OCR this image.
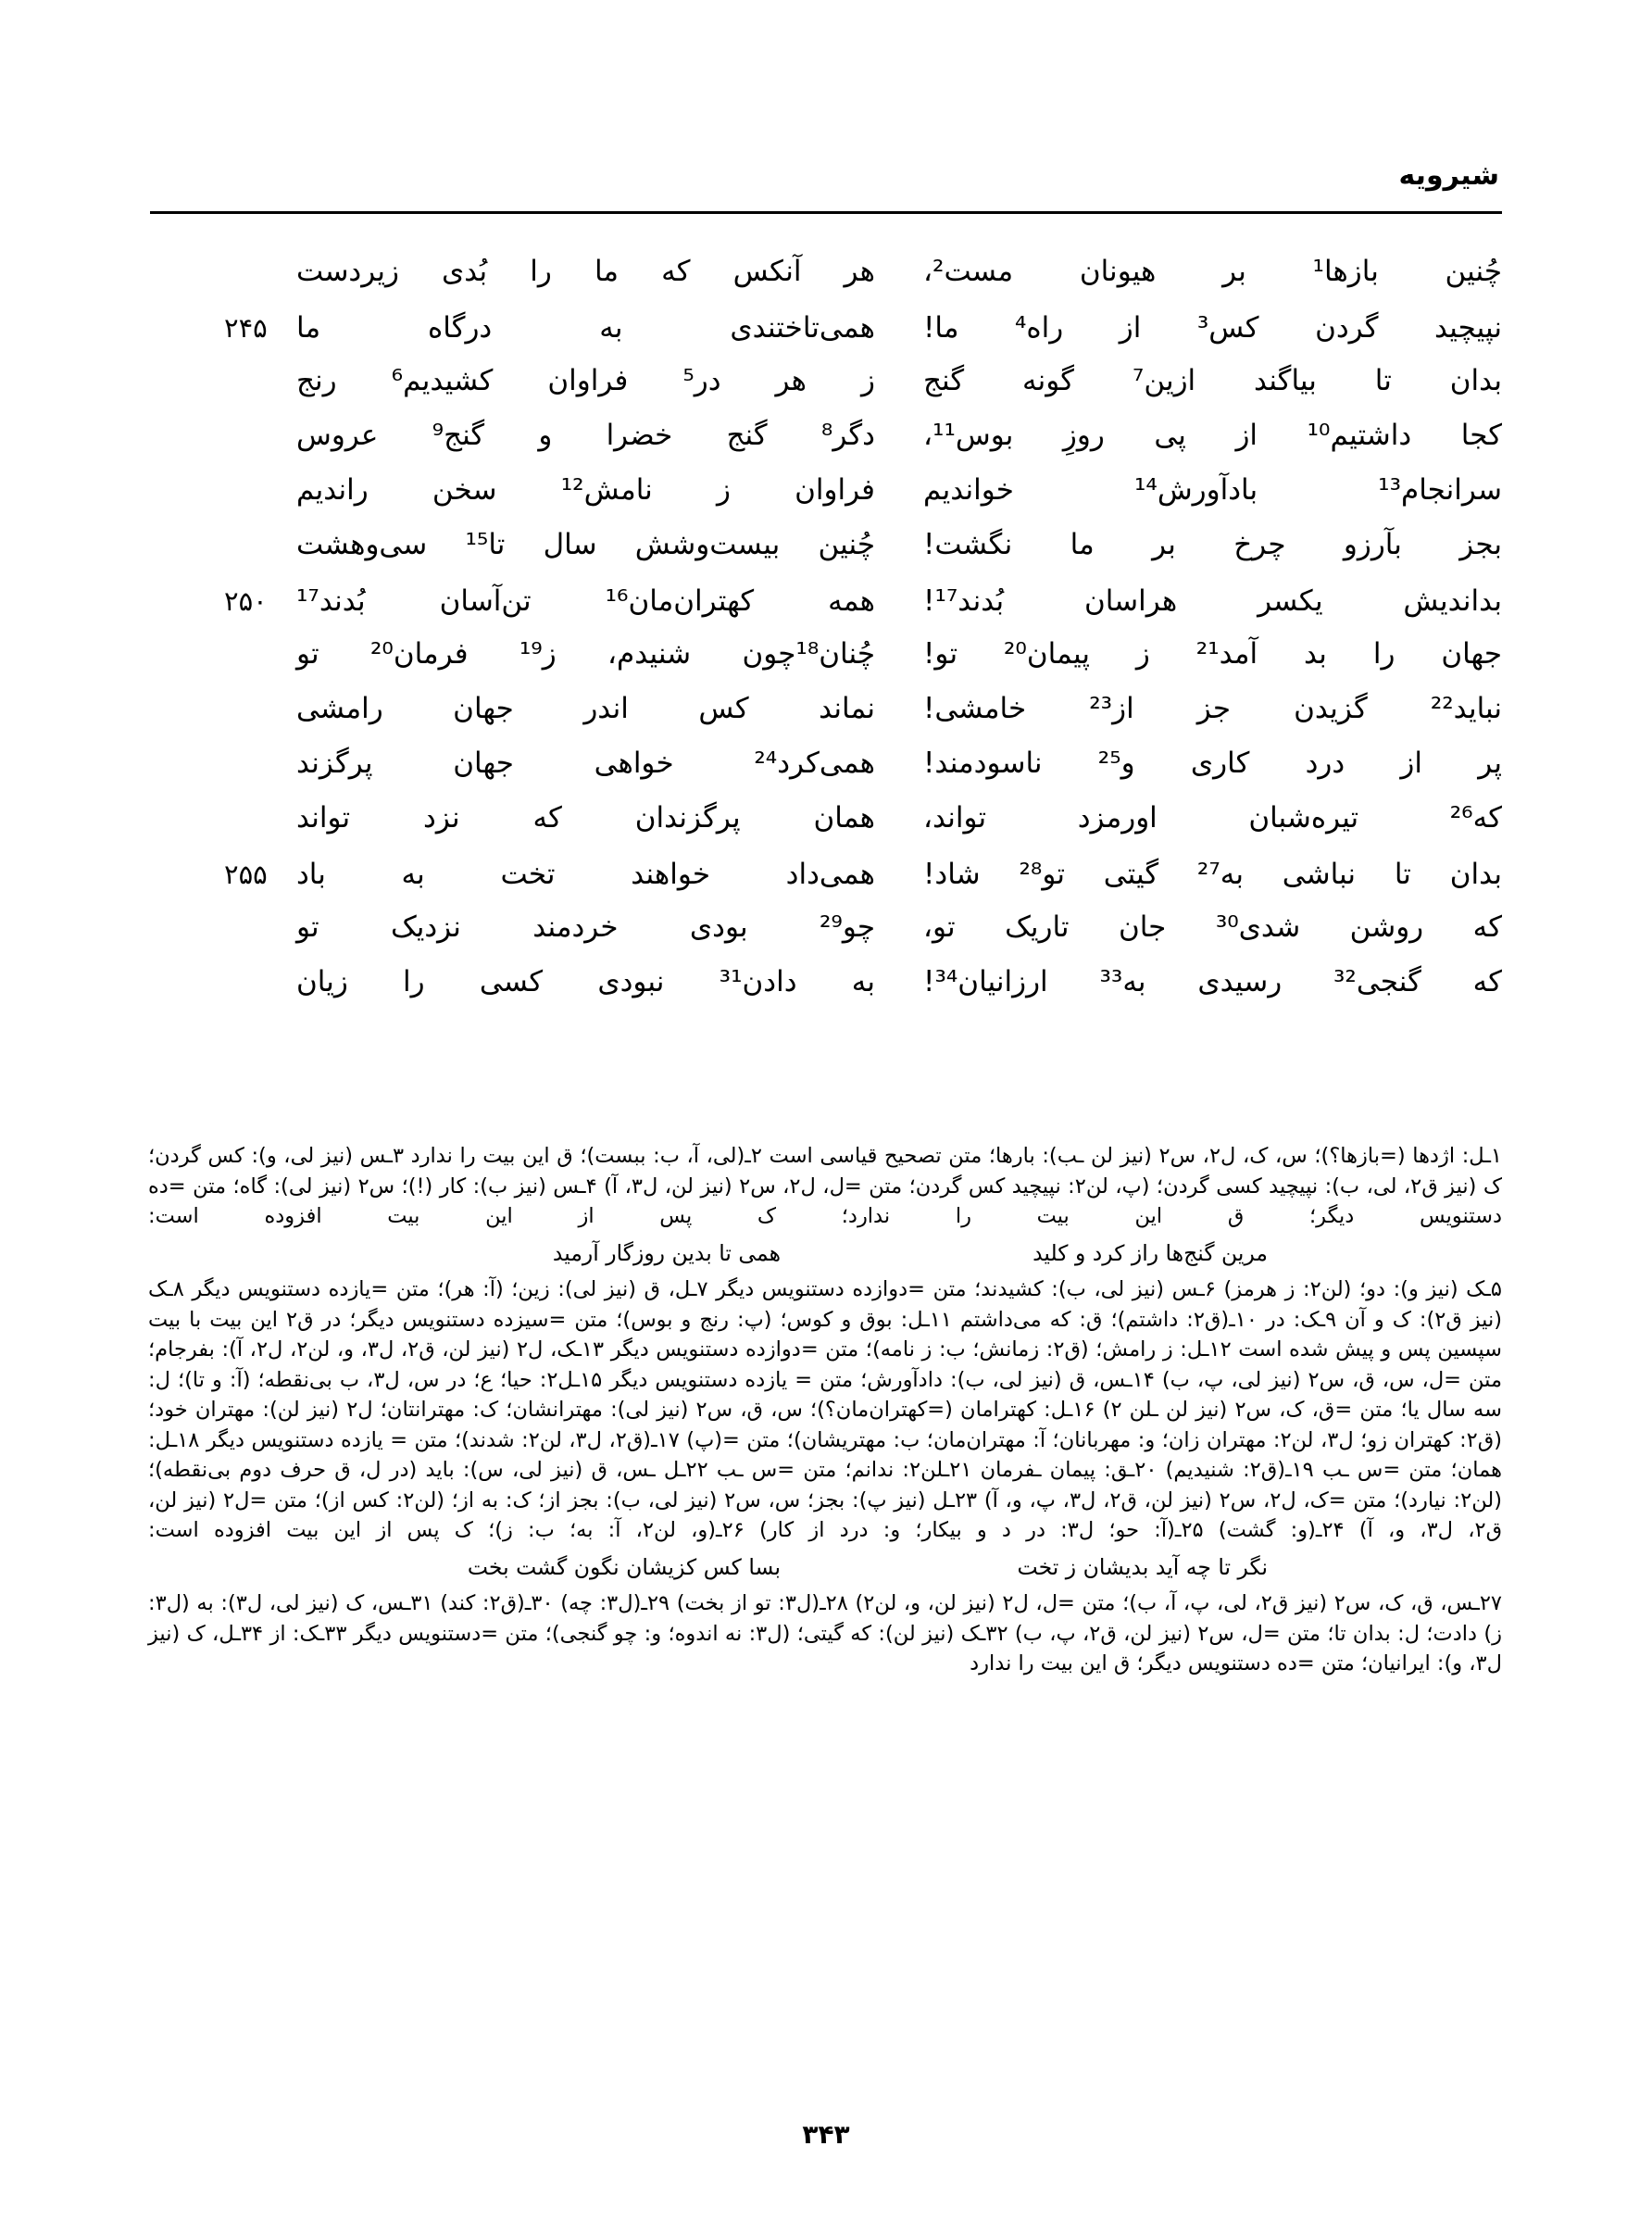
شیرویه
چُنین بازها¹ بر هیونان مست²،
هر آنکس که ما را بُدی زیردست
نپیچید گردن کس³ از راه⁴ ما!
همی‌تاختندی به درگاه ما
۲۴۵
بدان تا بیاگند ازین⁷ گونه گنج
ز هر در⁵ فراوان کشیدیم⁶ رنج
کجا داشتیم¹⁰ از پی روزِ بوس¹¹،
دگر⁸ گنج خضرا و گنج⁹ عروس
سرانجام¹³ بادآورش¹⁴ خواندیم
فراوان ز نامش¹² سخن راندیم
بجز بآرزو چرخ بر ما نگشت!
چُنین بیست‌وشش سال تا¹⁵ سی‌وهشت
بداندیش یکسر هراسان بُدند¹⁷!
همه کهتران‌مان¹⁶ تن‌آسان بُدند¹⁷
۲۵۰
جهان را بد آمد²¹ ز پیمان²⁰ تو!
چُنان¹⁸چون شنیدم، ز¹⁹ فرمان²⁰ تو
نباید²² گزیدن جز از²³ خامشی!
نماند کس اندر جهان رامشی
پر از درد کاری و²⁵ ناسودمند!
همی‌کرد²⁴ خواهی جهان پرگزند
که²⁶ تیره‌شبان اورمزد تواند،
همان پرگزندان که نزد تواند
بدان تا نباشی به²⁷ گیتی تو²⁸ شاد!
همی‌داد خواهند تخت به باد
۲۵۵
که روشن شدی³⁰ جان تاریک تو،
چو²⁹ بودی خردمند نزدیک تو
که گنجی³² رسیدی به³³ ارزانیان³⁴!
به دادن³¹ نبودی کسی را زیان

۱ـل: اژدها (=بازها؟)؛ س، ک، ل۲، س۲ (نیز لن ـب): بارها؛ متن تصحیح قیاسی است ۲ـ(لی، آ، ب: ببست)؛ ق این بیت را ندارد ۳ـس (نیز لی، و): کس گردن؛ ک (نیز ق۲، لی، ب): نپیچید کسی گردن؛ (پ، لن۲: نپیچید کس گردن؛ متن =ل، ل۲، س۲ (نیز لن، ل۳، آ) ۴ـس (نیز ب): کار (!)؛ س۲ (نیز لی): گاه؛ متن =ده دستنویس دیگر؛ ق این بیت را ندارد؛ ک پس از این بیت افزوده است:

مرین گنج‌ها راز کرد و کلید
همی تا بدین روزگار آرمید

۵ـک (نیز و): دو؛ (لن۲: ز هرمز) ۶ـس (نیز لی، ب): کشیدند؛ متن =دوازده دستنویس دیگر ۷ـل، ق (نیز لی): زین؛ (آ: هر)؛ متن =یازده دستنویس دیگر ۸ـک (نیز ق۲): ک و آن ۹ـک: در ۱۰ـ(ق۲: داشتم)؛ ق: که می‌داشتم ۱۱ـل: بوق و کوس؛ (پ: رنج و بوس)؛ متن =سیزده دستنویس دیگر؛ در ق۲ این بیت با بیت سپسین پس و پیش شده است ۱۲ـل: ز رامش؛ (ق۲: زمانش؛ ب: ز نامه)؛ متن =دوازده دستنویس دیگر ۱۳ـک، ل۲ (نیز لن، ق۲، ل۳، و، لن۲، ل۲، آ): بفرجام؛ متن =ل، س، ق، س۲ (نیز لی، پ، ب) ۱۴ـس، ق (نیز لی، ب): دادآورش؛ متن = یازده دستنویس دیگر ۱۵ـل۲: حیا؛ ع؛ در س، ل۳، ب بی‌نقطه؛ (آ: و تا)؛ ل: سه سال یا؛ متن =ق، ک، س۲ (نیز لن ـلن ۲) ۱۶ـل: کهترامان (=کهتران‌مان؟)؛ س، ق، س۲ (نیز لی): مهترانشان؛ ک: مهترانتان؛ ل۲ (نیز لن): مهتران خود؛ (ق۲: کهتران زو؛ ل۳، لن۲: مهتران زان؛ و: مهربانان؛ آ: مهتران‌مان؛ ب: مهتریشان)؛ متن =(پ) ۱۷ـ(ق۲، ل۳، لن۲: شدند)؛ متن = یازده دستنویس دیگر ۱۸ـل: همان؛ متن =س ـب ۱۹ـ(ق۲: شنیدیم) ۲۰ـق: پیمان ـفرمان ۲۱ـلن۲: ندانم؛ متن =س ـب ۲۲ـل ـس، ق (نیز لی، س): باید (در ل، ق حرف دوم بی‌نقطه)؛ (لن۲: نیارد)؛ متن =ک، ل۲، س۲ (نیز لن، ق۲، ل۳، پ، و، آ) ۲۳ـل (نیز پ): بجز؛ س، س۲ (نیز لی، ب): بجز از؛ ک: به از؛ (لن۲: کس از)؛ متن =ل۲ (نیز لن، ق۲، ل۳، و، آ) ۲۴ـ(و: گشت) ۲۵ـ(آ: حو؛ ل۳: در د و بیکار؛ و: درد از کار) ۲۶ـ(و، لن۲، آ: به؛ ب: ز)؛ ک پس از این بیت افزوده است:

نگر تا چه آید بدیشان ز تخت
بسا کس کزیشان نگون گشت بخت

۲۷ـس، ق، ک، س۲ (نیز ق۲، لی، پ، آ، ب)؛ متن =ل، ل۲ (نیز لن، و، لن۲) ۲۸ـ(ل۳: تو از بخت) ۲۹ـ(ل۳: چه) ۳۰ـ(ق۲: کند) ۳۱ـس، ک (نیز لی، ل۳): به (ل۳: ز) دادت؛ ل: بدان تا؛ متن =ل، س۲ (نیز لن، ق۲، پ، ب) ۳۲ـک (نیز لن): که گیتی؛ (ل۳: نه اندوه؛ و: چو گنجی)؛ متن =دستنویس دیگر ۳۳ـک: از ۳۴ـل، ک (نیز ل۳، و): ایرانیان؛ متن =ده دستنویس دیگر؛ ق این بیت را ندارد

۳۴۳
